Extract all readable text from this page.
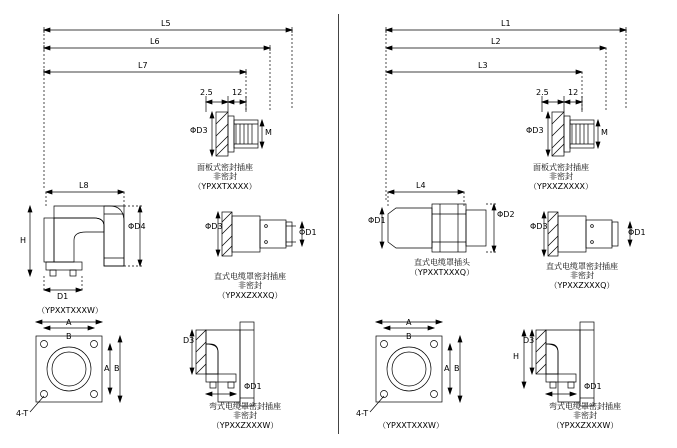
L5
L6
L7
2.5 12
ΦD3	M
面板式密封插座
非密封
（YPXXTXXXX）
L8
H
ΦD4
D1
（YPXXTXXXW）
ΦD3
ΦD1
直式电缆罩密封插座
非密封
（YPXXZXXXQ）
A
B
A B
4-T
D3
ΦD1
弯式电缆罩密封插座
非密封
（YPXXZXXXW）
L1
L2
L3
2.5 12
ΦD3	M
面板式密封插座
非密封
（YPXXZXXXX）
L4
ΦD1
ΦD2
直式电缆罩插头
（YPXXTXXXQ）
ΦD3
ΦD1
直式电缆罩密封插座
非密封
（YPXXZXXXQ）
A
B
A B
4-T
（YPXXTXXXW）
D3
H
ΦD1
弯式电缆罩密封插座
非密封
（YPXXZXXXW）
